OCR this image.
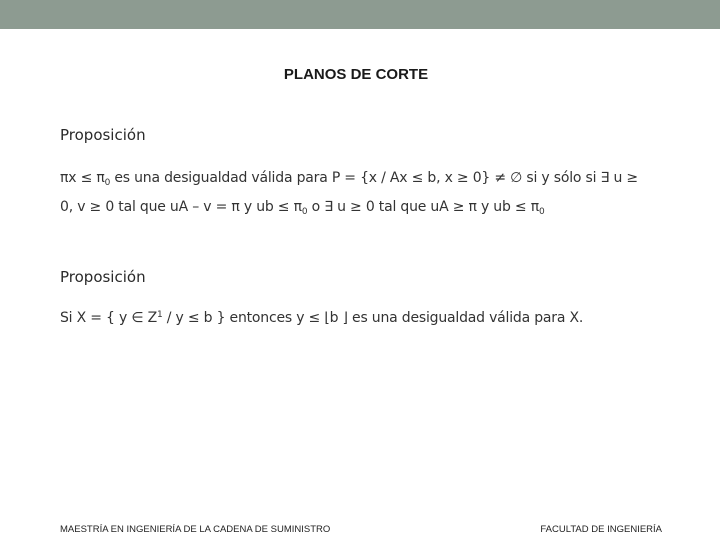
PLANOS DE CORTE
Proposición
$\pi x \le \pi_0$ es una desigualdad válida para P = {x / Ax ≤ b, x ≥ 0} ≠ ∅ si y sólo si ∃ u ≥
0, v ≥ 0 tal que uA – v = π y ub ≤ $\pi_0$ o ∃ u ≥ 0 tal que uA ≥ π y ub ≤ $\pi_0$
Proposición
Si X = { y ∈ $Z^1 / y \le b$ } entonces y ≤ ⌊b ⌋ es una desigualdad válida para X.
MAESTRÍA EN INGENIERÍA DE LA CADENA DE SUMINISTRO	FACULTAD DE INGENIERÍA
